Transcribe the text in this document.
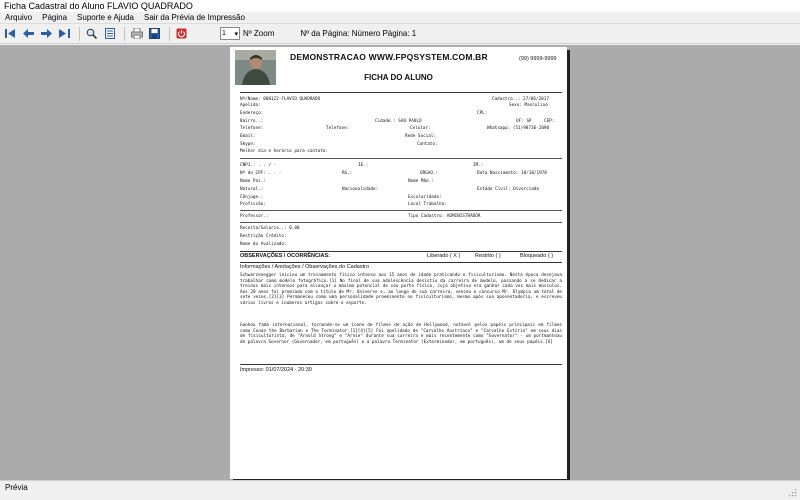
Ficha Cadastral do Aluno FLAVIO QUADRADO
Arquivo	Página	Suporte e Ajuda	Sair da Prévia de Impressão
1 ▾ Nº Zoom	Nº da Página: Número Página: 1
DEMONSTRACAO WWW.FPQSYSTEM.COM.BR	(99) 9999-9999
FICHA DO ALUNO
Nº/Nome: 000122-FLAVIO QUADRADO	Cadastro..: 27/06/2017
Apelido:	Sexo: Masculino
Endereço:	CPL:
Bairro..:	Cidade.: SAO PAULO	UF: SP	CEP:
Telefone:	Telefone:	Celular:	Whatsapp: (51)98736-2090
Email:	Rede Social:
Skype:	Contato:
Melhor dia e horário para contato:
CNPJ.: . . / -	IE.:	IM.:
Nº do CPF: . . -	RG.:	ORGAO.:	Data Nascimento: 10/10/1978
Nome Pai.:	Nome Mãe.:
Natural.:	Nacionalidade:	Estado Civil: Divorciado
Cônjuge.:	Escolaridade:
Profissão:	Local Trabalho:
Professor.:	Tipo Cadastro: ADMINISTRADOR
Receita/Salario..: 0.00
Restrição Crédito:
Nome do Avalizado:
OBSERVAÇÕES / OCORRÊNCIAS:	Liberado ( X )	Restrito ( )	Bloqueado ( )
Informações / Anotações / Observações do Cadastro
Schwarzenegger iniciou um treinamento físico intenso aos 15 anos de idade praticando o fisiculturismo. Nesta época desejava trabalhar como modelo fotográfico.[1] No final de sua adolescência desistiu da carreira de modelo, passando a se dedicar a treinos mais intensos para alcançar o máximo potencial de seu porte físico, cujo objetivo era ganhar cada vez mais músculos. Aos 20 anos foi premiado com o título de Mr. Universe e, ao longo de sua carreira, venceu o concurso Mr. Olympia um total de sete vezes.[2][3] Permaneceu como uma personalidade proeminente no fisiculturismo, mesmo após sua aposentadoria, e escreveu vários livros e inúmeros artigos sobre o esporte.
Ganhou fama internacional, tornando-se um ícone de filmes de ação de Hollywood, notável pelos papéis principais em filmes como Conan the Barbarian e The Terminator.[1][4][5] Foi apelidado de "Carvalho Austríaco" e "Carvalho Estírio" em seus dias de fisiculturista, de "Arnold Strong" e "Arnie" durante sua carreira e mais recentemente como "Governator" - um portmanteau de palavra Governor (Governador, em português) e a palavra Terminator (Exterminador, em português), um de seus papéis.[6]
Impresso: 01/07/2024 - 20:30
Prévia
